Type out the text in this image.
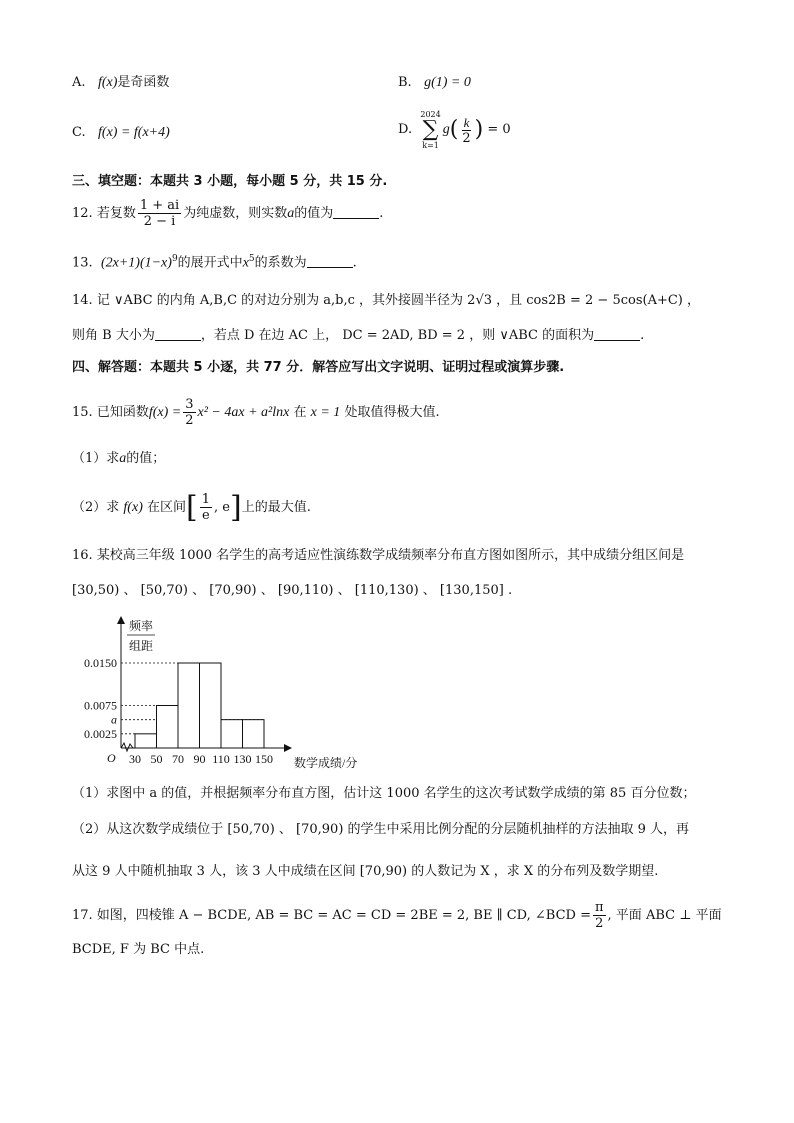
A. f(x)是奇函数	B. g(1) = 0
C. f(x) = f(x+4)	D.
2024
∑
k=1
$g( \frac{k}{2}$ ) = 0
三、填空题：本题共 3 小题，每小题 5 分，共 15 分.
12. 若复数 $\frac{1 + ai}{2 - i}$ 为纯虚数，则实数a的值为	.
13. $(2x+1)(1-x)^9$的展开式中$x^5$的系数为	.
14. 记 ∨ABC 的内角 A,B,C 的对边分别为 a,b,c ，其外接圆半径为 2√3 ，且 cos2B = 2 − 5cos(A+C) ，
则角 B 大小为	，若点 D 在边 AC 上， DC = 2AD, BD = 2 ，则 ∨ABC 的面积为	.
四、解答题：本题共 5 小逐，共 77 分．解答应写出文字说明、证明过程或演算步骤.
15. 已知函数$f(x) = \frac{3}{2} x^2 - 4ax + a^2\ln x$ 在 x = 1 处取值得极大值.
（1）求a的值；
（2）求 f(x) 在区间[ $\frac{1}{e}$ , e]上的最大值.
16. 某校高三年级 1000 名学生的高考适应性演练数学成绩频率分布直方图如图所示，其中成绩分组区间是
[30,50) 、 [50,70) 、 [70,90) 、 [90,110) 、 [110,130) 、 [130,150] .
0.0150
0.0075
a
0.0025
30 50 70 90 110 130 150
O
频率
组距
数学成绩/分
（1）求图中 a 的值，并根据频率分布直方图，估计这 1000 名学生的这次考试数学成绩的第 85 百分位数；
（2）从这次数学成绩位于 [50,70) 、 [70,90) 的学生中采用比例分配的分层随机抽样的方法抽取 9 人，再
从这 9 人中随机抽取 3 人，该 3 人中成绩在区间 [70,90) 的人数记为 X ，求 X 的分布列及数学期望.
17. 如图，四棱锥 A − BCDE, AB = BC = AC = CD = 2BE = 2, BE ∥ CD, ∠BCD = $\frac{\pi}{2}$ , 平面 ABC ⊥ 平面
BCDE, F 为 BC 中点.
